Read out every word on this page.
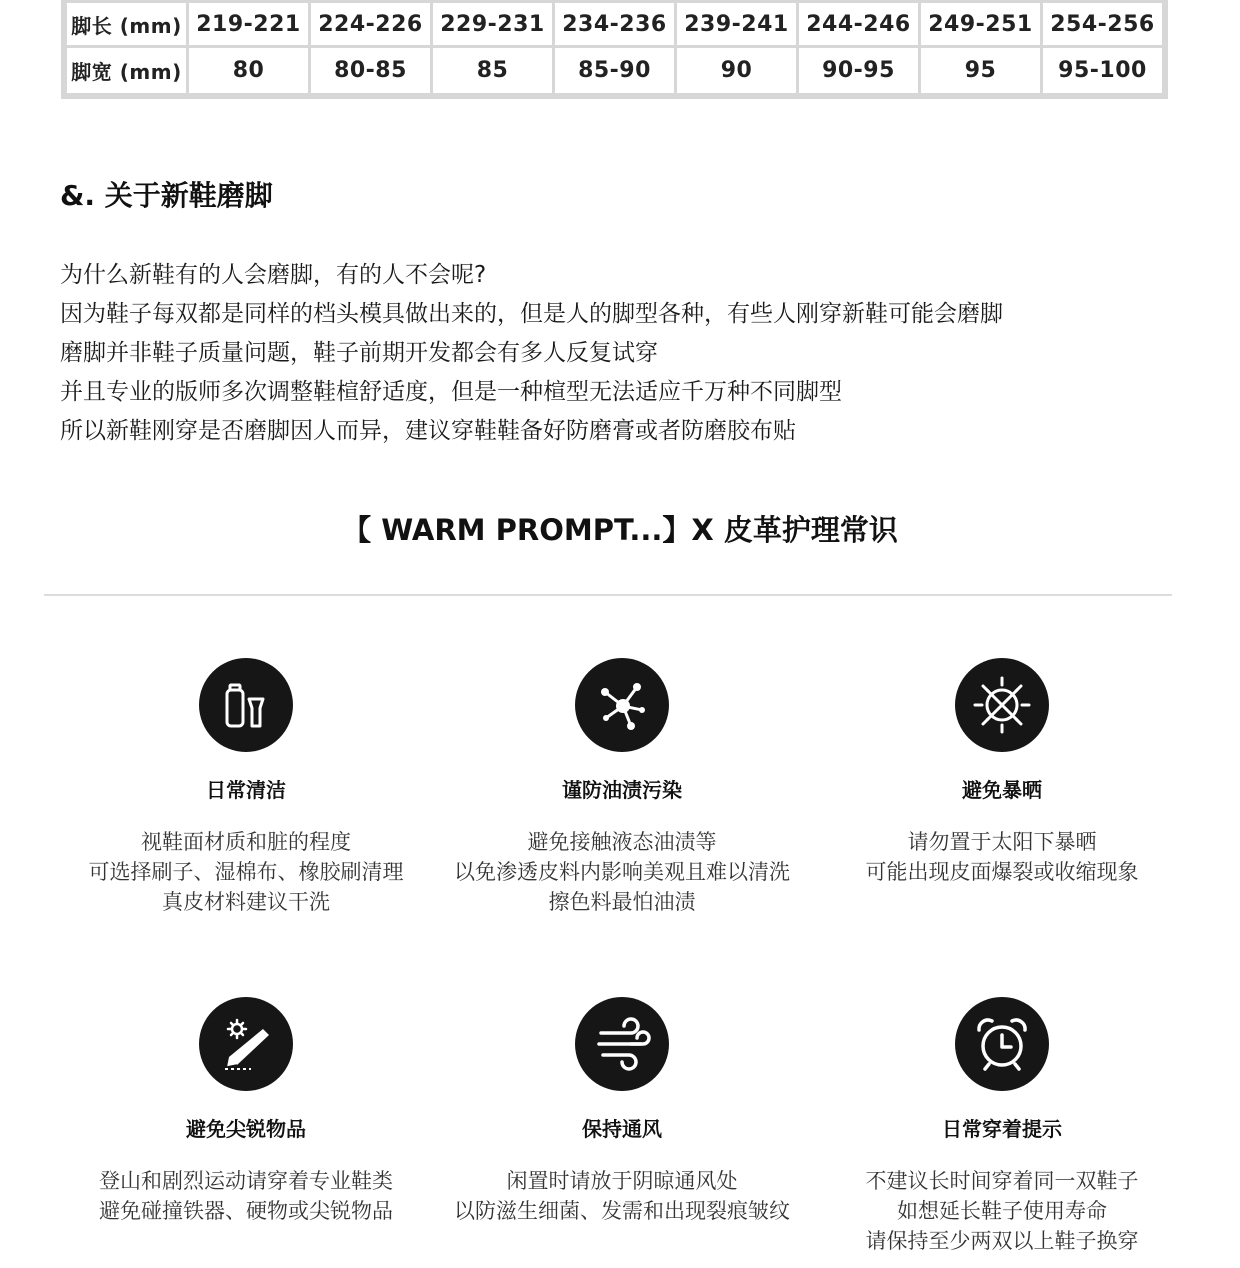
脚长 (mm)	219-221	224-226	229-231	234-236	239-241	244-246	249-251	254-256
脚宽 (mm)	80	80-85	85	85-90	90	90-95	95	95-100
&. 关于新鞋磨脚
为什么新鞋有的人会磨脚，有的人不会呢?
因为鞋子每双都是同样的档头模具做出来的，但是人的脚型各种，有些人刚穿新鞋可能会磨脚
磨脚并非鞋子质量问题，鞋子前期开发都会有多人反复试穿
并且专业的版师多次调整鞋楦舒适度，但是一种楦型无法适应千万种不同脚型
所以新鞋刚穿是否磨脚因人而异，建议穿鞋鞋备好防磨膏或者防磨胶布贴
【 WARM PROMPT...】X 皮革护理常识
日常清洁
视鞋面材质和脏的程度
可选择刷子、湿棉布、橡胶刷清理
真皮材料建议干洗
谨防油渍污染
避免接触液态油渍等
以免渗透皮料内影响美观且难以清洗
擦色料最怕油渍
避免暴晒
请勿置于太阳下暴晒
可能出现皮面爆裂或收缩现象
避免尖锐物品
登山和剧烈运动请穿着专业鞋类
避免碰撞铁器、硬物或尖锐物品
保持通风
闲置时请放于阴晾通风处
以防滋生细菌、发需和出现裂痕皱纹
日常穿着提示
不建议长时间穿着同一双鞋子
如想延长鞋子使用寿命
请保持至少两双以上鞋子换穿
